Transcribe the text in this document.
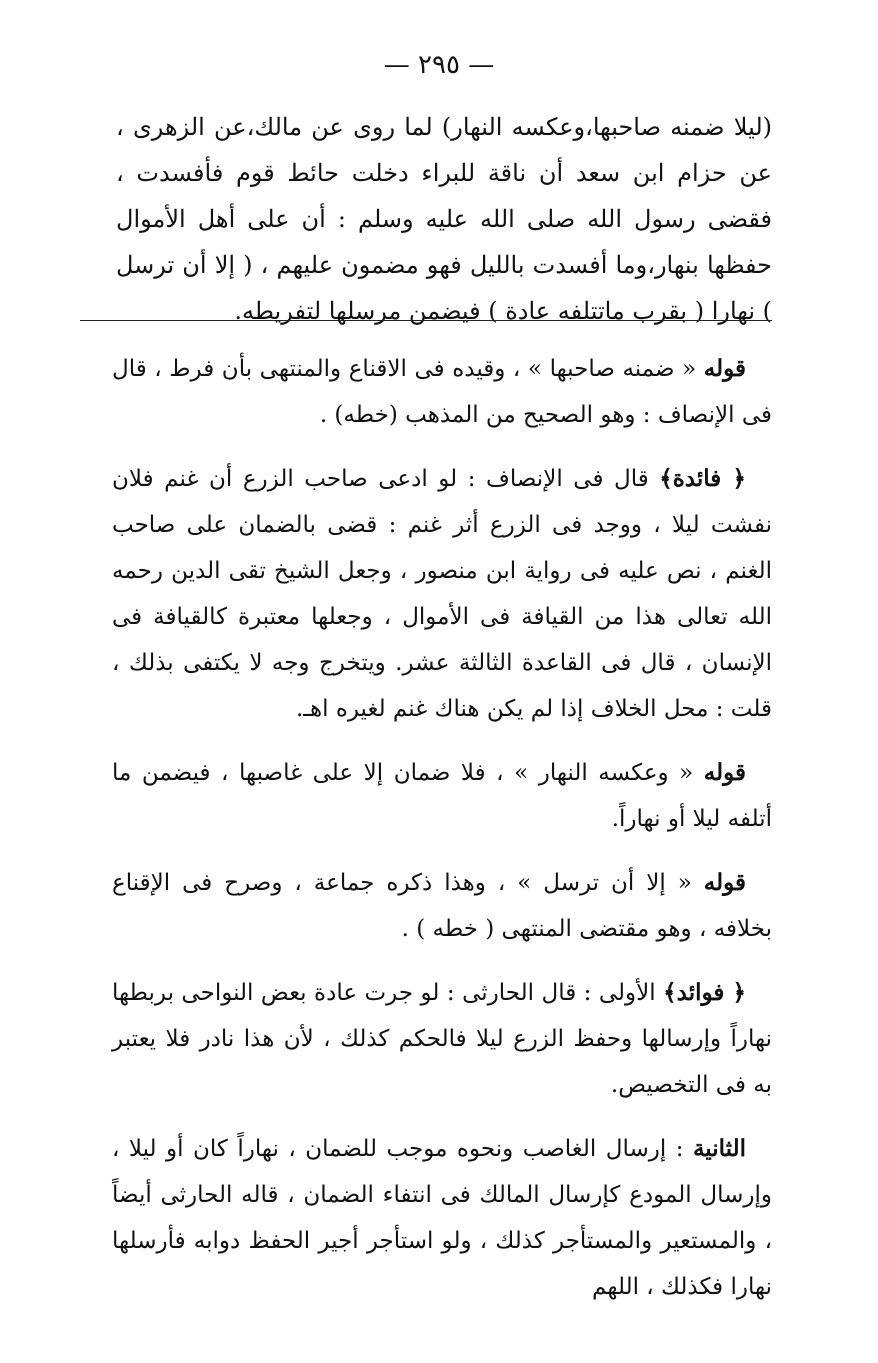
— ٢٩٥ —

(ليلا ضمنه صاحبها،وعكسه النهار) لما روى عن مالك،عن الزهرى ، عن حزام ابن سعد أن ناقة للبراء دخلت حائط قوم فأفسدت ، فقضى رسول الله صلى الله عليه وسلم : أن على أهل الأموال حفظها بنهار،وما أفسدت بالليل فهو مضمون عليهم ، ( إلا أن ترسل ) نهارا ( بقرب ماتتلفه عادة ) فيضمن مرسلها لتفريطه.

قوله « ضمنه صاحبها » ، وقيده فى الاقناع والمنتهى بأن فرط ، قال فى الإنصاف : وهو الصحيح من المذهب (خطه) .

﴿ فائدة﴾ قال فى الإنصاف : لو ادعى صاحب الزرع أن غنم فلان نفشت ليلا ، ووجد فى الزرع أثر غنم : قضى بالضمان على صاحب الغنم ، نص عليه فى رواية ابن منصور ، وجعل الشيخ تقى الدين رحمه الله تعالى هذا من القيافة فى الأموال ، وجعلها معتبرة كالقيافة فى الإنسان ، قال فى القاعدة الثالثة عشر. ويتخرج وجه لا يكتفى بذلك ، قلت : محل الخلاف إذا لم يكن هناك غنم لغيره اهـ.

قوله « وعكسه النهار » ، فلا ضمان إلا على غاصبها ، فيضمن ما أتلفه ليلا أو نهاراً.

قوله « إلا أن ترسل » ، وهذا ذكره جماعة ، وصرح فى الإقناع بخلافه ، وهو مقتضى المنتهى ( خطه ) .

﴿ فوائد﴾ الأولى : قال الحارثى : لو جرت عادة بعض النواحى بربطها نهاراً وإرسالها وحفظ الزرع ليلا فالحكم كذلك ، لأن هذا نادر فلا يعتبر به فى التخصيص.

الثانية : إرسال الغاصب ونحوه موجب للضمان ، نهاراً كان أو ليلا ، وإرسال المودع كإرسال المالك فى انتفاء الضمان ، قاله الحارثى أيضاً ، والمستعير والمستأجر كذلك ، ولو استأجر أجير الحفظ دوابه فأرسلها نهارا فكذلك ، اللهم
